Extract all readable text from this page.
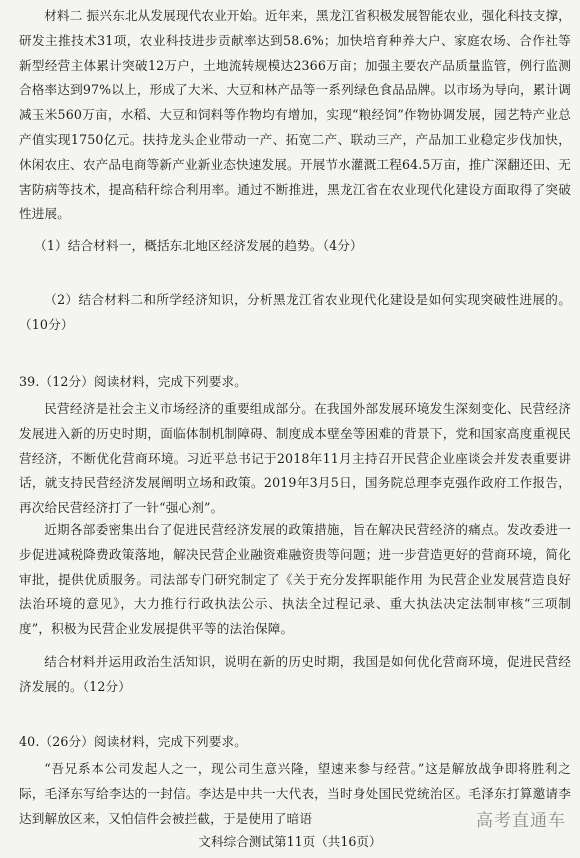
材料二 振兴东北从发展现代农业开始。近年来，黑龙江省积极发展智能农业，强化科技支撑，研发主推技术31项，农业科技进步贡献率达到58.6%；加快培育种养大户、家庭农场、合作社等新型经营主体累计突破12万户，土地流转规模达2366万亩；加强主要农产品质量监管，例行监测合格率达到97%以上，形成了大米、大豆和林产品等一系列绿色食品品牌。以市场为导向，累计调减玉米560万亩，水稻、大豆和饲料等作物均有增加，实现“粮经饲”作物协调发展，园艺特产业总产值实现1750亿元。扶持龙头企业带动一产、拓宽二产、联动三产，产品加工业稳定步伐加快，休闲农庄、农产品电商等新产业新业态快速发展。开展节水灌溉工程64.5万亩，推广深翻还田、无害防病等技术，提高秸秆综合利用率。通过不断推进，黑龙江省在农业现代化建设方面取得了突破性进展。

（1）结合材料一，概括东北地区经济发展的趋势。（4分）

（2）结合材料二和所学经济知识，分析黑龙江省农业现代化建设是如何实现突破性进展的。（10分）

39.（12分）阅读材料，完成下列要求。

民营经济是社会主义市场经济的重要组成部分。在我国外部发展环境发生深刻变化、民营经济发展进入新的历史时期，面临体制机制障碍、制度成本壁垒等困难的背景下，党和国家高度重视民营经济，不断优化营商环境。习近平总书记于2018年11月主持召开民营企业座谈会并发表重要讲话，就支持民营经济发展阐明立场和政策。2019年3月5日，国务院总理李克强作政府工作报告，再次给民营经济打了一针“强心剂”。

近期各部委密集出台了促进民营经济发展的政策措施，旨在解决民营经济的痛点。发改委进一步促进减税降费政策落地，解决民营企业融资难融资贵等问题；进一步营造更好的营商环境，简化审批，提供优质服务。司法部专门研究制定了《关于充分发挥职能作用 为民营企业发展营造良好法治环境的意见》，大力推行行政执法公示、执法全过程记录、重大执法决定法制审核“三项制度”，积极为民营企业发展提供平等的法治保障。

结合材料并运用政治生活知识，说明在新的历史时期，我国是如何优化营商环境，促进民营经济发展的。（12分）

40.（26分）阅读材料，完成下列要求。

“吾兄系本公司发起人之一，现公司生意兴隆，望速来参与经营。”这是解放战争即将胜利之际，毛泽东写给李达的一封信。李达是中共一大代表，当时身处国民党统治区。毛泽东打算邀请李达到解放区来，又怕信件会被拦截，于是使用了暗语	高考直通车
文科综合测试第11页（共16页）
